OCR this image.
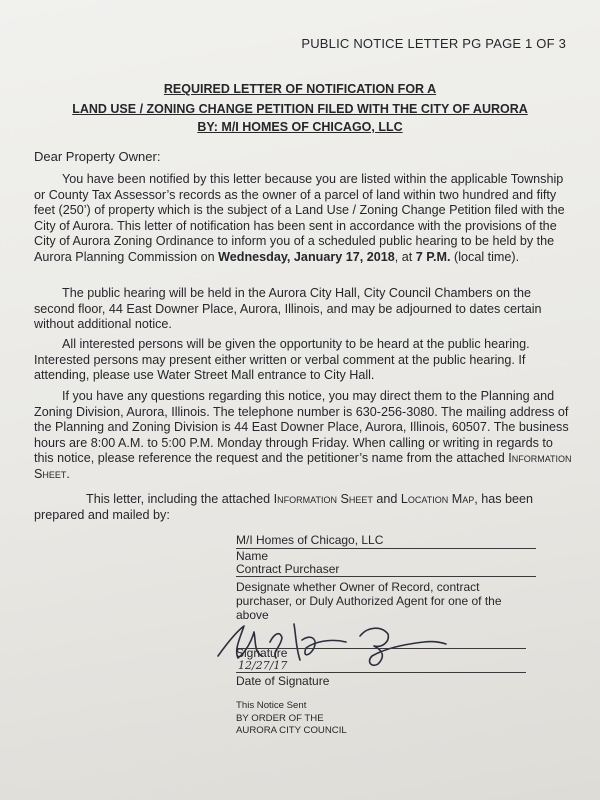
PUBLIC NOTICE LETTER PG PAGE 1 OF 3
REQUIRED LETTER OF NOTIFICATION FOR A
LAND USE / ZONING CHANGE PETITION FILED WITH THE CITY OF AURORA
BY: M/I HOMES OF CHICAGO, LLC
Dear Property Owner:

You have been notified by this letter because you are listed within the applicable Township or County Tax Assessor’s records as the owner of a parcel of land within two hundred and fifty feet (250’) of property which is the subject of a Land Use / Zoning Change Petition filed with the City of Aurora. This letter of notification has been sent in accordance with the provisions of the City of Aurora Zoning Ordinance to inform you of a scheduled public hearing to be held by the Aurora Planning Commission on Wednesday, January 17, 2018, at 7 P.M. (local time).

The public hearing will be held in the Aurora City Hall, City Council Chambers on the second floor, 44 East Downer Place, Aurora, Illinois, and may be adjourned to dates certain without additional notice.

All interested persons will be given the opportunity to be heard at the public hearing. Interested persons may present either written or verbal comment at the public hearing. If attending, please use Water Street Mall entrance to City Hall.

If you have any questions regarding this notice, you may direct them to the Planning and Zoning Division, Aurora, Illinois. The telephone number is 630-256-3080. The mailing address of the Planning and Zoning Division is 44 East Downer Place, Aurora, Illinois, 60507. The business hours are 8:00 A.M. to 5:00 P.M. Monday through Friday. When calling or writing in regards to this notice, please reference the request and the petitioner’s name from the attached Information Sheet.

This letter, including the attached Information Sheet and Location Map, has been prepared and mailed by:

M/I Homes of Chicago, LLC
Name
Contract Purchaser
Designate whether Owner of Record, contract purchaser, or Duly Authorized Agent for one of the above
12/27/17
Signature
Date of Signature
This Notice Sent
BY ORDER OF THE
AURORA CITY COUNCIL
